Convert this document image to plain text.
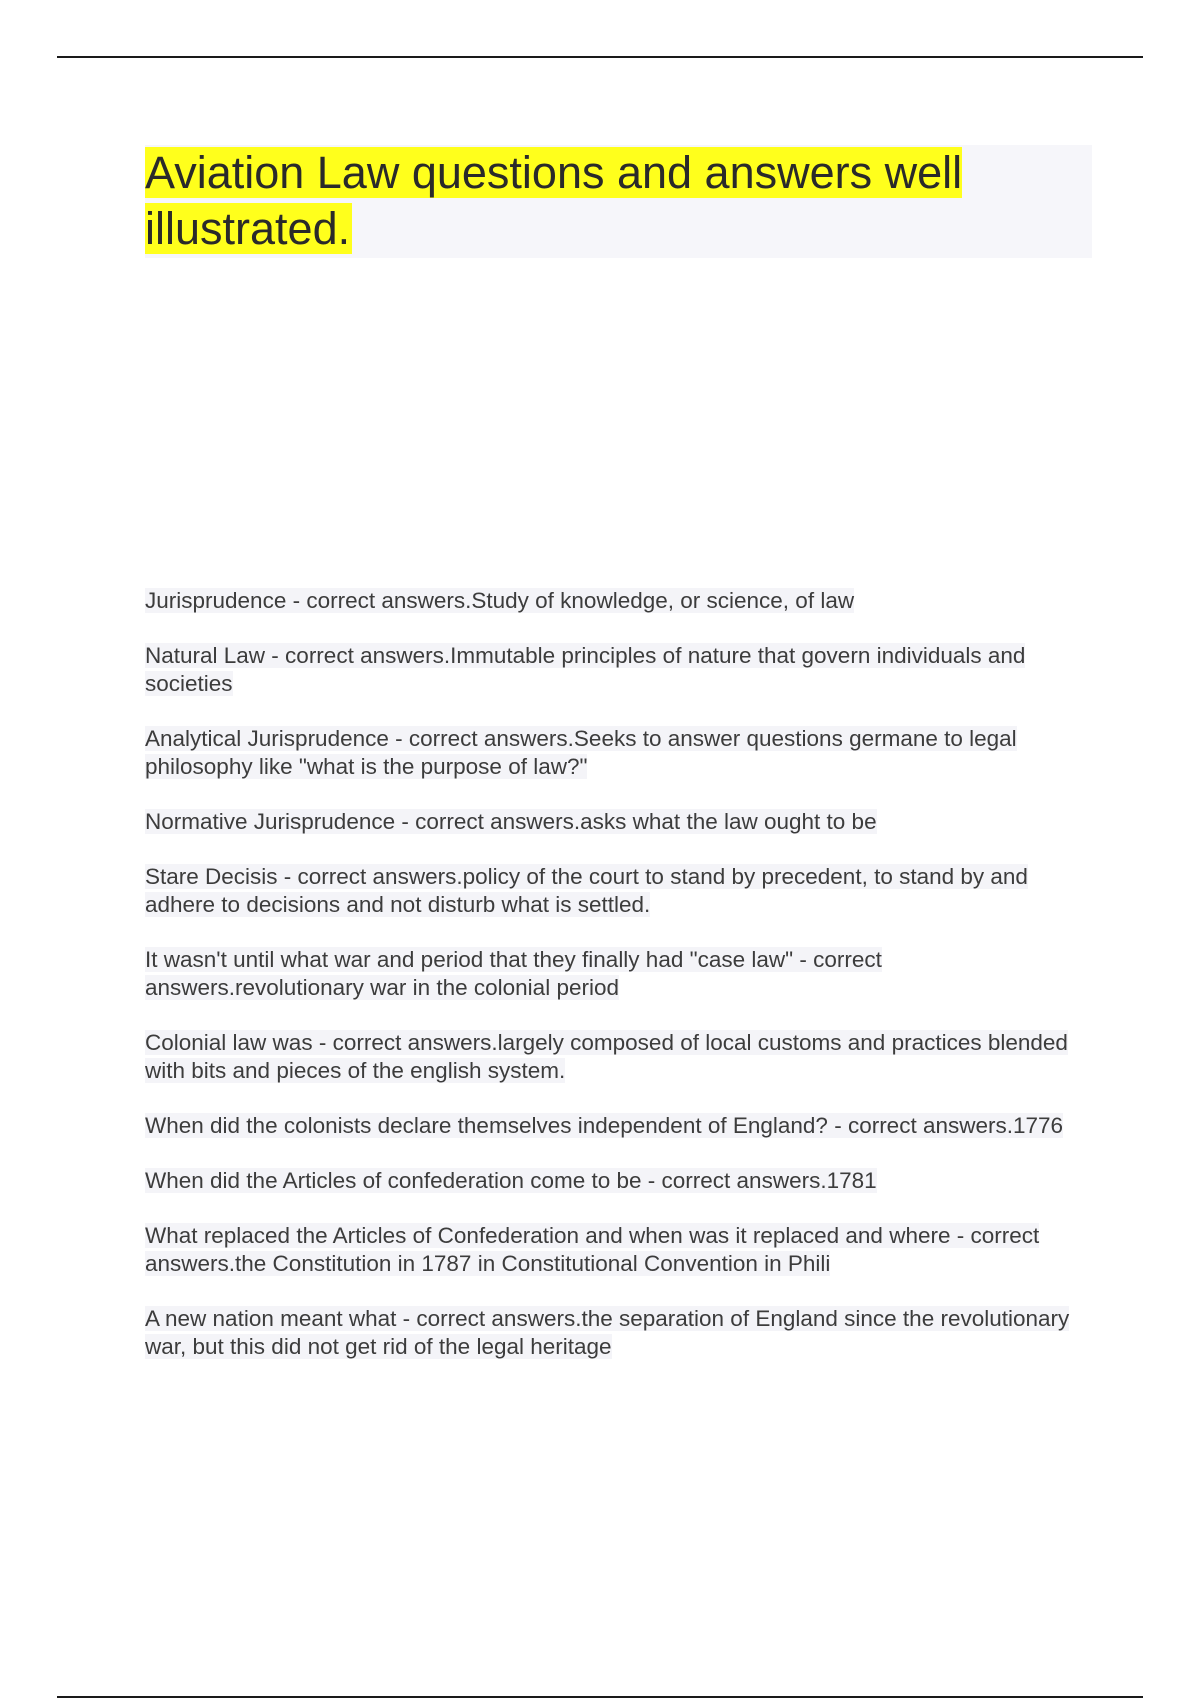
Aviation Law questions and answers well illustrated.

Jurisprudence - correct answers.Study of knowledge, or science, of law

Natural Law - correct answers.Immutable principles of nature that govern individuals and societies

Analytical Jurisprudence - correct answers.Seeks to answer questions germane to legal philosophy like "what is the purpose of law?"

Normative Jurisprudence - correct answers.asks what the law ought to be

Stare Decisis - correct answers.policy of the court to stand by precedent, to stand by and adhere to decisions and not disturb what is settled.

It wasn't until what war and period that they finally had "case law" - correct answers.revolutionary war in the colonial period

Colonial law was - correct answers.largely composed of local customs and practices blended with bits and pieces of the english system.

When did the colonists declare themselves independent of England? - correct answers.1776

When did the Articles of confederation come to be - correct answers.1781

What replaced the Articles of Confederation and when was it replaced and where - correct answers.the Constitution in 1787 in Constitutional Convention in Phili

A new nation meant what - correct answers.the separation of England since the revolutionary war, but this did not get rid of the legal heritage
